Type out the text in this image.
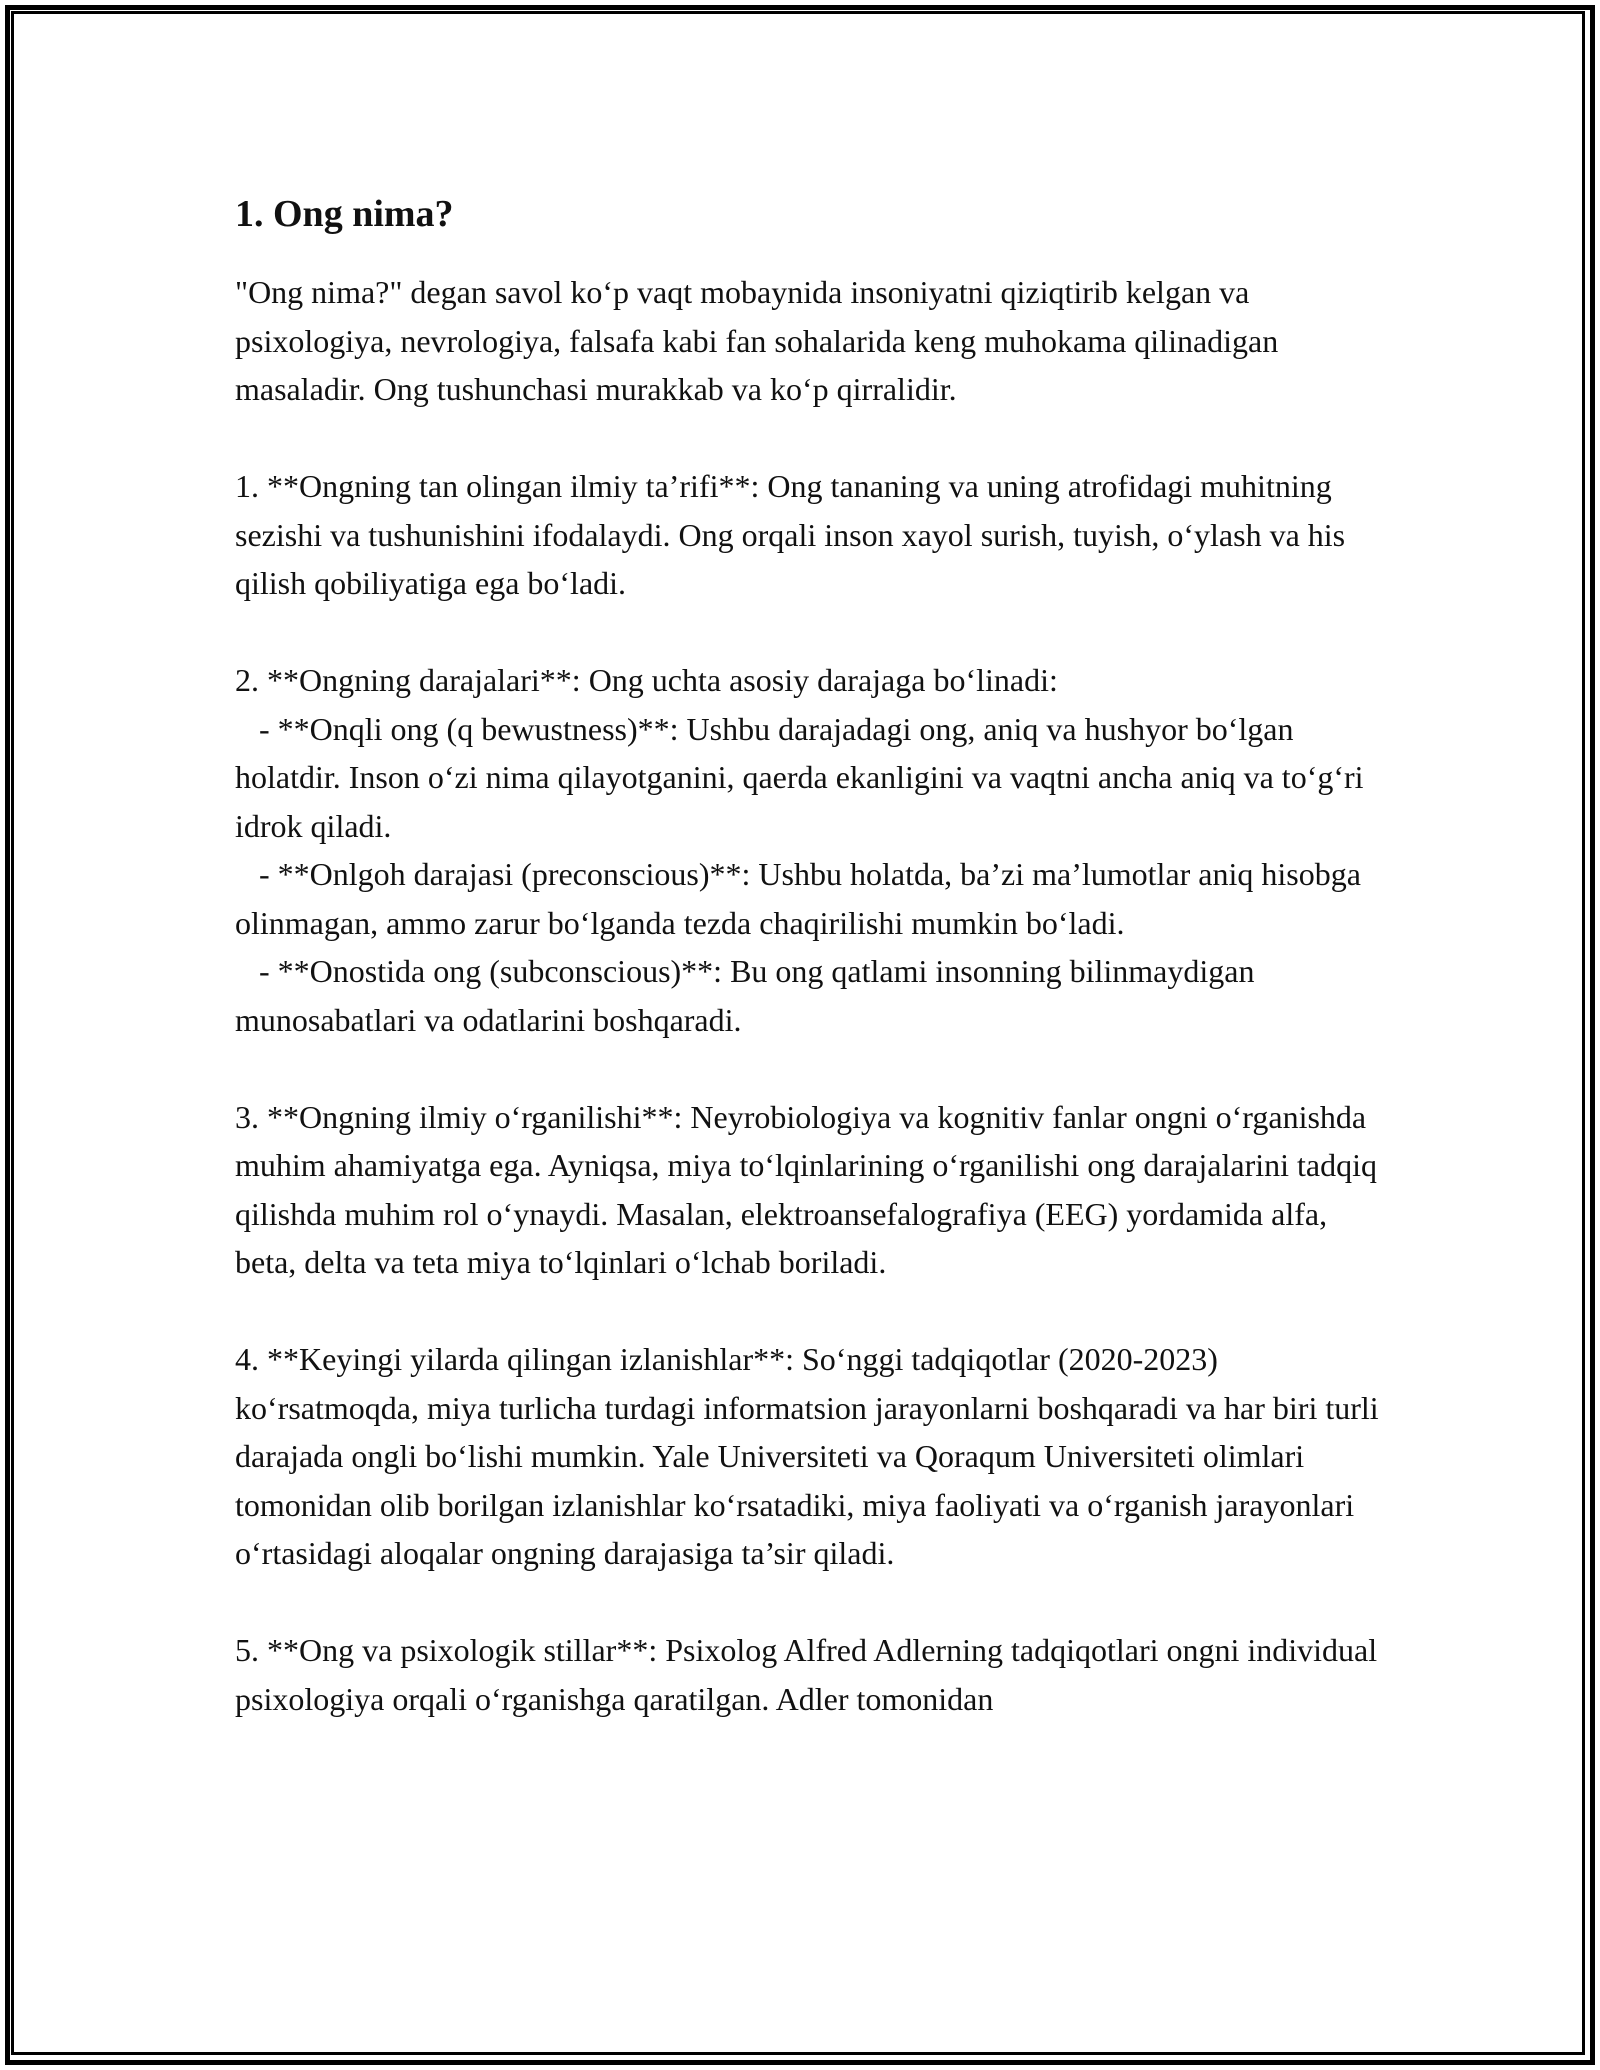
1. Ong nima?

"Ong nima?" degan savol ko‘p vaqt mobaynida insoniyatni qiziqtirib kelgan va psixologiya, nevrologiya, falsafa kabi fan sohalarida keng muhokama qilinadigan masaladir. Ong tushunchasi murakkab va ko‘p qirralidir.

1. **Ongning tan olingan ilmiy ta’rifi**: Ong tananing va uning atrofidagi muhitning sezishi va tushunishini ifodalaydi. Ong orqali inson xayol surish, tuyish, o‘ylash va his qilish qobiliyatiga ega bo‘ladi.

2. **Ongning darajalari**: Ong uchta asosiy darajaga bo‘linadi:
- **Onqli ong (q bewustness)**: Ushbu darajadagi ong, aniq va hushyor bo‘lgan holatdir. Inson o‘zi nima qilayotganini, qaerda ekanligini va vaqtni ancha aniq va to‘g‘ri idrok qiladi.
- **Onlgoh darajasi (preconscious)**: Ushbu holatda, ba’zi ma’lumotlar aniq hisobga olinmagan, ammo zarur bo‘lganda tezda chaqirilishi mumkin bo‘ladi.
- **Onostida ong (subconscious)**: Bu ong qatlami insonning bilinmaydigan munosabatlari va odatlarini boshqaradi.

3. **Ongning ilmiy o‘rganilishi**: Neyrobiologiya va kognitiv fanlar ongni o‘rganishda muhim ahamiyatga ega. Ayniqsa, miya to‘lqinlarining o‘rganilishi ong darajalarini tadqiq qilishda muhim rol o‘ynaydi. Masalan, elektroansefalografiya (EEG) yordamida alfa, beta, delta va teta miya to‘lqinlari o‘lchab boriladi.

4. **Keyingi yilarda qilingan izlanishlar**: So‘nggi tadqiqotlar (2020-2023) ko‘rsatmoqda, miya turlicha turdagi informatsion jarayonlarni boshqaradi va har biri turli darajada ongli bo‘lishi mumkin. Yale Universiteti va Qoraqum Universiteti olimlari tomonidan olib borilgan izlanishlar ko‘rsatadiki, miya faoliyati va o‘rganish jarayonlari o‘rtasidagi aloqalar ongning darajasiga ta’sir qiladi.

5. **Ong va psixologik stillar**: Psixolog Alfred Adlerning tadqiqotlari ongni individual psixologiya orqali o‘rganishga qaratilgan. Adler tomonidan
